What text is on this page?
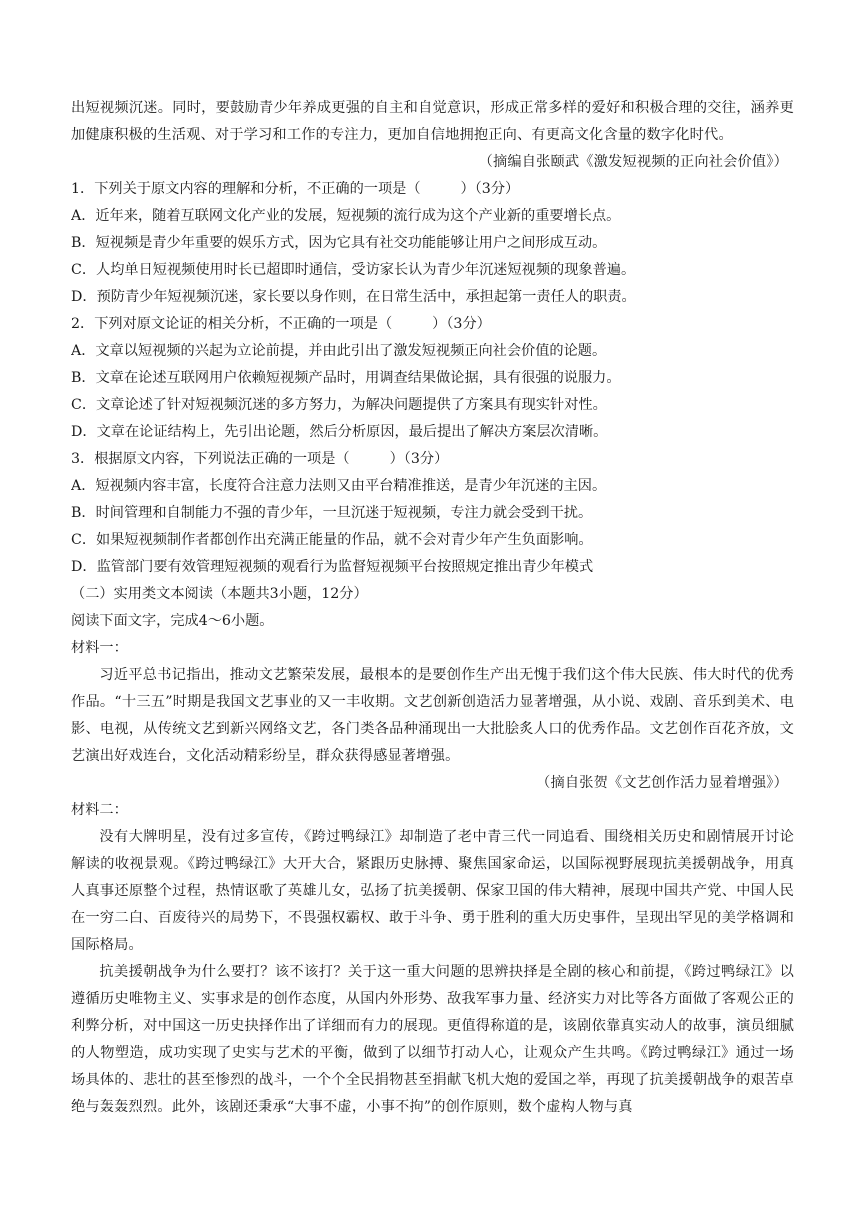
出短视频沉迷。同时，要鼓励青少年养成更强的自主和自觉意识，形成正常多样的爱好和积极合理的交往，涵养更加健康积极的生活观、对于学习和工作的专注力，更加自信地拥抱正向、有更高文化含量的数字化时代。
（摘编自张颐武《激发短视频的正向社会价值》）
1．下列关于原文内容的理解和分析，不正确的一项是（	）（3分）
A．近年来，随着互联网文化产业的发展，短视频的流行成为这个产业新的重要增长点。
B．短视频是青少年重要的娱乐方式，因为它具有社交功能能够让用户之间形成互动。
C．人均单日短视频使用时长已超即时通信，受访家长认为青少年沉迷短视频的现象普遍。
D．预防青少年短视频沉迷，家长要以身作则，在日常生活中，承担起第一责任人的职责。
2．下列对原文论证的相关分析，不正确的一项是（	）（3分）
A．文章以短视频的兴起为立论前提，并由此引出了激发短视频正向社会价值的论题。
B．文章在论述互联网用户依赖短视频产品时，用调查结果做论据，具有很强的说服力。
C．文章论述了针对短视频沉迷的多方努力，为解决问题提供了方案具有现实针对性。
D．文章在论证结构上，先引出论题，然后分析原因，最后提出了解决方案层次清晰。
3．根据原文内容，下列说法正确的一项是（	）（3分）
A．短视频内容丰富，长度符合注意力法则又由平台精准推送，是青少年沉迷的主因。
B．时间管理和自制能力不强的青少年，一旦沉迷于短视频，专注力就会受到干扰。
C．如果短视频制作者都创作出充满正能量的作品，就不会对青少年产生负面影响。
D．监管部门要有效管理短视频的观看行为监督短视频平台按照规定推出青少年模式
（二）实用类文本阅读（本题共3小题，12分）
阅读下面文字，完成4～6小题。
材料一：
习近平总书记指出，推动文艺繁荣发展，最根本的是要创作生产出无愧于我们这个伟大民族、伟大时代的优秀作品。“十三五”时期是我国文艺事业的又一丰收期。文艺创新创造活力显著增强，从小说、戏剧、音乐到美术、电影、电视，从传统文艺到新兴网络文艺，各门类各品种涌现出一大批脍炙人口的优秀作品。文艺创作百花齐放，文艺演出好戏连台，文化活动精彩纷呈，群众获得感显著增强。
（摘自张贺《文艺创作活力显着增强》）
材料二：
没有大牌明星，没有过多宣传，《跨过鸭绿江》却制造了老中青三代一同追看、围绕相关历史和剧情展开讨论解读的收视景观。《跨过鸭绿江》大开大合，紧跟历史脉搏、聚焦国家命运，以国际视野展现抗美援朝战争，用真人真事还原整个过程，热情讴歌了英雄儿女，弘扬了抗美援朝、保家卫国的伟大精神，展现中国共产党、中国人民在一穷二白、百废待兴的局势下，不畏强权霸权、敢于斗争、勇于胜利的重大历史事件，呈现出罕见的美学格调和国际格局。
抗美援朝战争为什么要打？该不该打？关于这一重大问题的思辨抉择是全剧的核心和前提，《跨过鸭绿江》以遵循历史唯物主义、实事求是的创作态度，从国内外形势、敌我军事力量、经济实力对比等各方面做了客观公正的利弊分析，对中国这一历史抉择作出了详细而有力的展现。更值得称道的是，该剧依靠真实动人的故事，演员细腻的人物塑造，成功实现了史实与艺术的平衡，做到了以细节打动人心，让观众产生共鸣。《跨过鸭绿江》通过一场场具体的、悲壮的甚至惨烈的战斗，一个个全民捐物甚至捐献飞机大炮的爱国之举，再现了抗美援朝战争的艰苦卓绝与轰轰烈烈。此外，该剧还秉承“大事不虚，小事不拘”的创作原则，数个虚构人物与真
